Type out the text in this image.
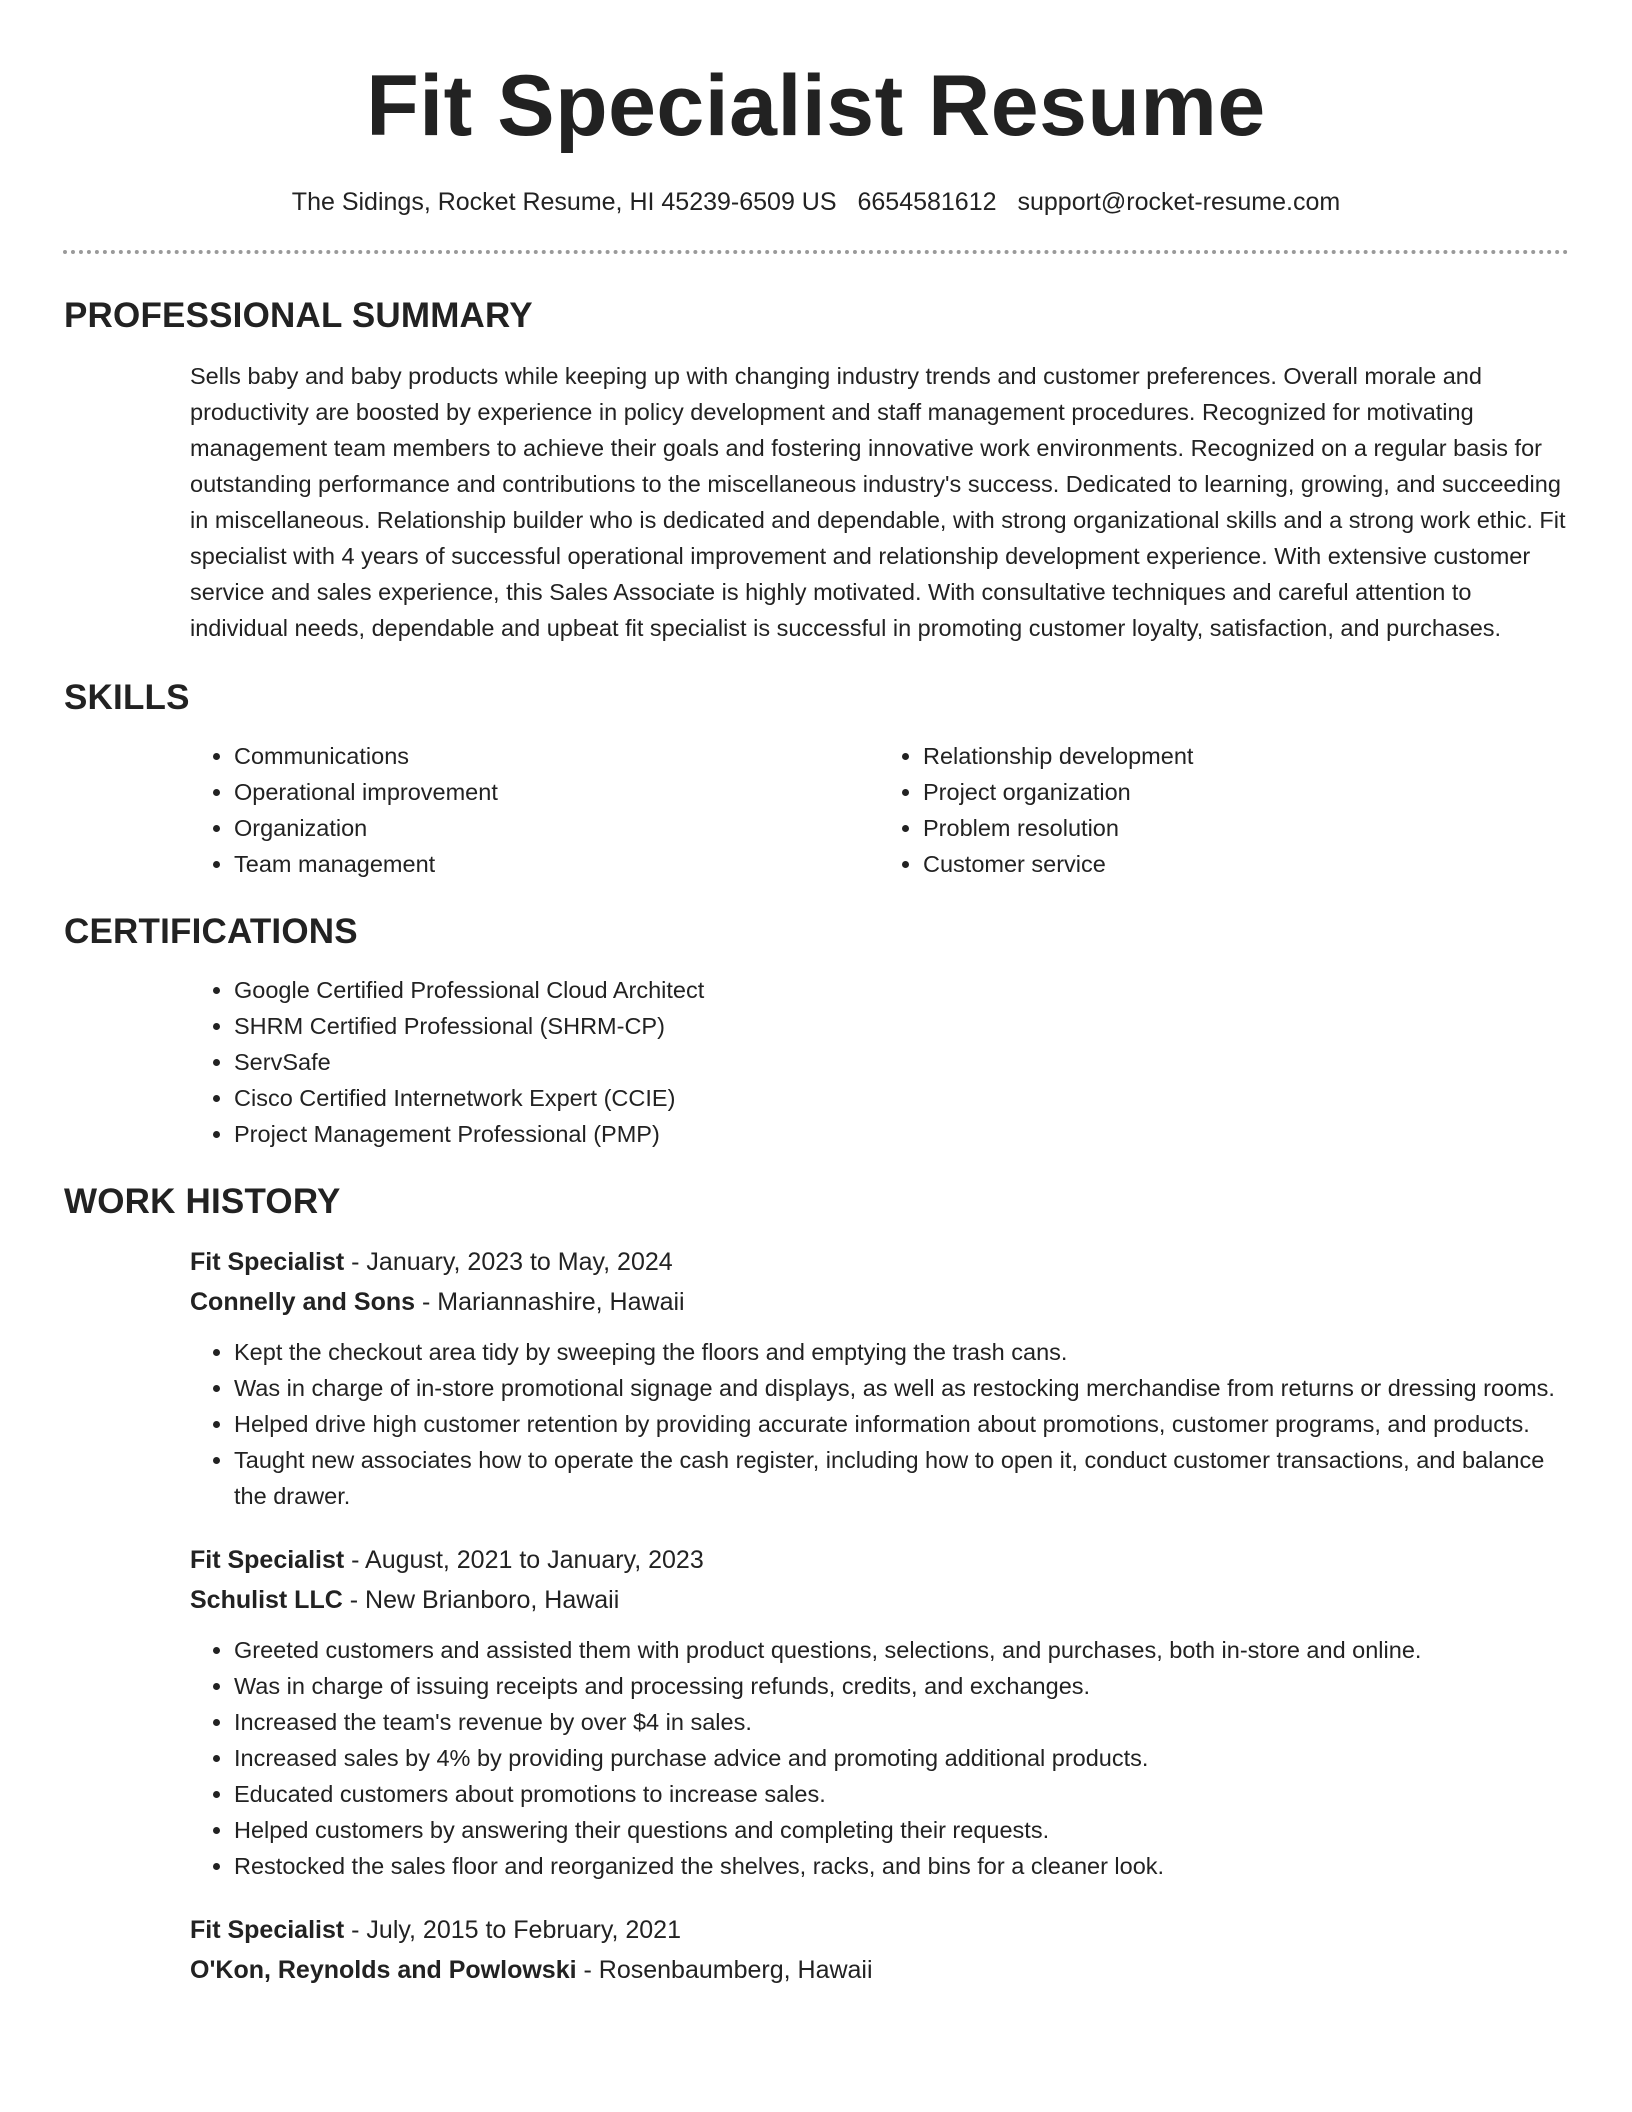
Fit Specialist Resume
The Sidings, Rocket Resume, HI 45239-6509 US 6654581612 support@rocket-resume.com
PROFESSIONAL SUMMARY
Sells baby and baby products while keeping up with changing industry trends and customer preferences. Overall morale and productivity are boosted by experience in policy development and staff management procedures. Recognized for motivating management team members to achieve their goals and fostering innovative work environments. Recognized on a regular basis for outstanding performance and contributions to the miscellaneous industry's success. Dedicated to learning, growing, and succeeding in miscellaneous. Relationship builder who is dedicated and dependable, with strong organizational skills and a strong work ethic. Fit specialist with 4 years of successful operational improvement and relationship development experience. With extensive customer service and sales experience, this Sales Associate is highly motivated. With consultative techniques and careful attention to individual needs, dependable and upbeat fit specialist is successful in promoting customer loyalty, satisfaction, and purchases.
SKILLS
• Communications
• Operational improvement
• Organization
• Team management
• Relationship development
• Project organization
• Problem resolution
• Customer service
CERTIFICATIONS
• Google Certified Professional Cloud Architect
• SHRM Certified Professional (SHRM-CP)
• ServSafe
• Cisco Certified Internetwork Expert (CCIE)
• Project Management Professional (PMP)
WORK HISTORY
Fit Specialist - January, 2023 to May, 2024
Connelly and Sons - Mariannashire, Hawaii
• Kept the checkout area tidy by sweeping the floors and emptying the trash cans.
• Was in charge of in-store promotional signage and displays, as well as restocking merchandise from returns or dressing rooms.
• Helped drive high customer retention by providing accurate information about promotions, customer programs, and products.
• Taught new associates how to operate the cash register, including how to open it, conduct customer transactions, and balance the drawer.
Fit Specialist - August, 2021 to January, 2023
Schulist LLC - New Brianboro, Hawaii
• Greeted customers and assisted them with product questions, selections, and purchases, both in-store and online.
• Was in charge of issuing receipts and processing refunds, credits, and exchanges.
• Increased the team's revenue by over $4 in sales.
• Increased sales by 4% by providing purchase advice and promoting additional products.
• Educated customers about promotions to increase sales.
• Helped customers by answering their questions and completing their requests.
• Restocked the sales floor and reorganized the shelves, racks, and bins for a cleaner look.
Fit Specialist - July, 2015 to February, 2021
O'Kon, Reynolds and Powlowski - Rosenbaumberg, Hawaii
